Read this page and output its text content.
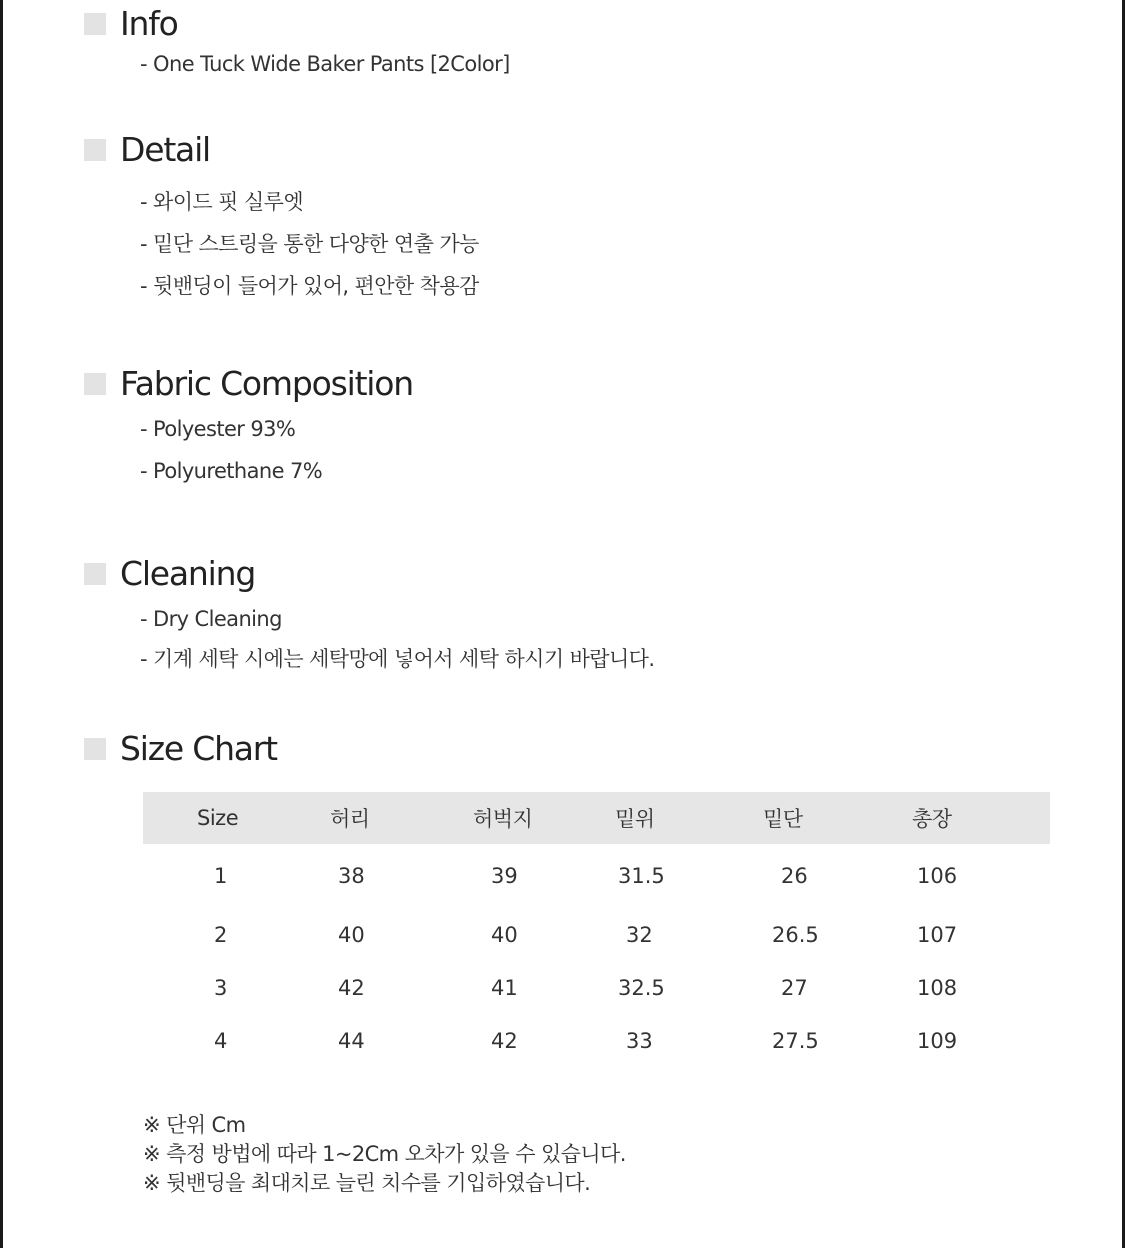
Info
- One Tuck Wide Baker Pants [2Color]
Detail
- 와이드 핏 실루엣
- 밑단 스트링을 통한 다양한 연출 가능
- 뒷밴딩이 들어가 있어, 편안한 착용감
Fabric Composition
- Polyester 93%
- Polyurethane 7%
Cleaning
- Dry Cleaning
- 기계 세탁 시에는 세탁망에 넣어서 세탁 하시기 바랍니다.
Size Chart
Size	허리	허벅지	밑위	밑단	총장
1	38	39	31.5	26	106
2	40	40	32	26.5	107
3	42	41	32.5	27	108
4	44	42	33	27.5	109
※ 단위 Cm
※ 측정 방법에 따라 1~2Cm 오차가 있을 수 있습니다.
※ 뒷밴딩을 최대치로 늘린 치수를 기입하였습니다.
